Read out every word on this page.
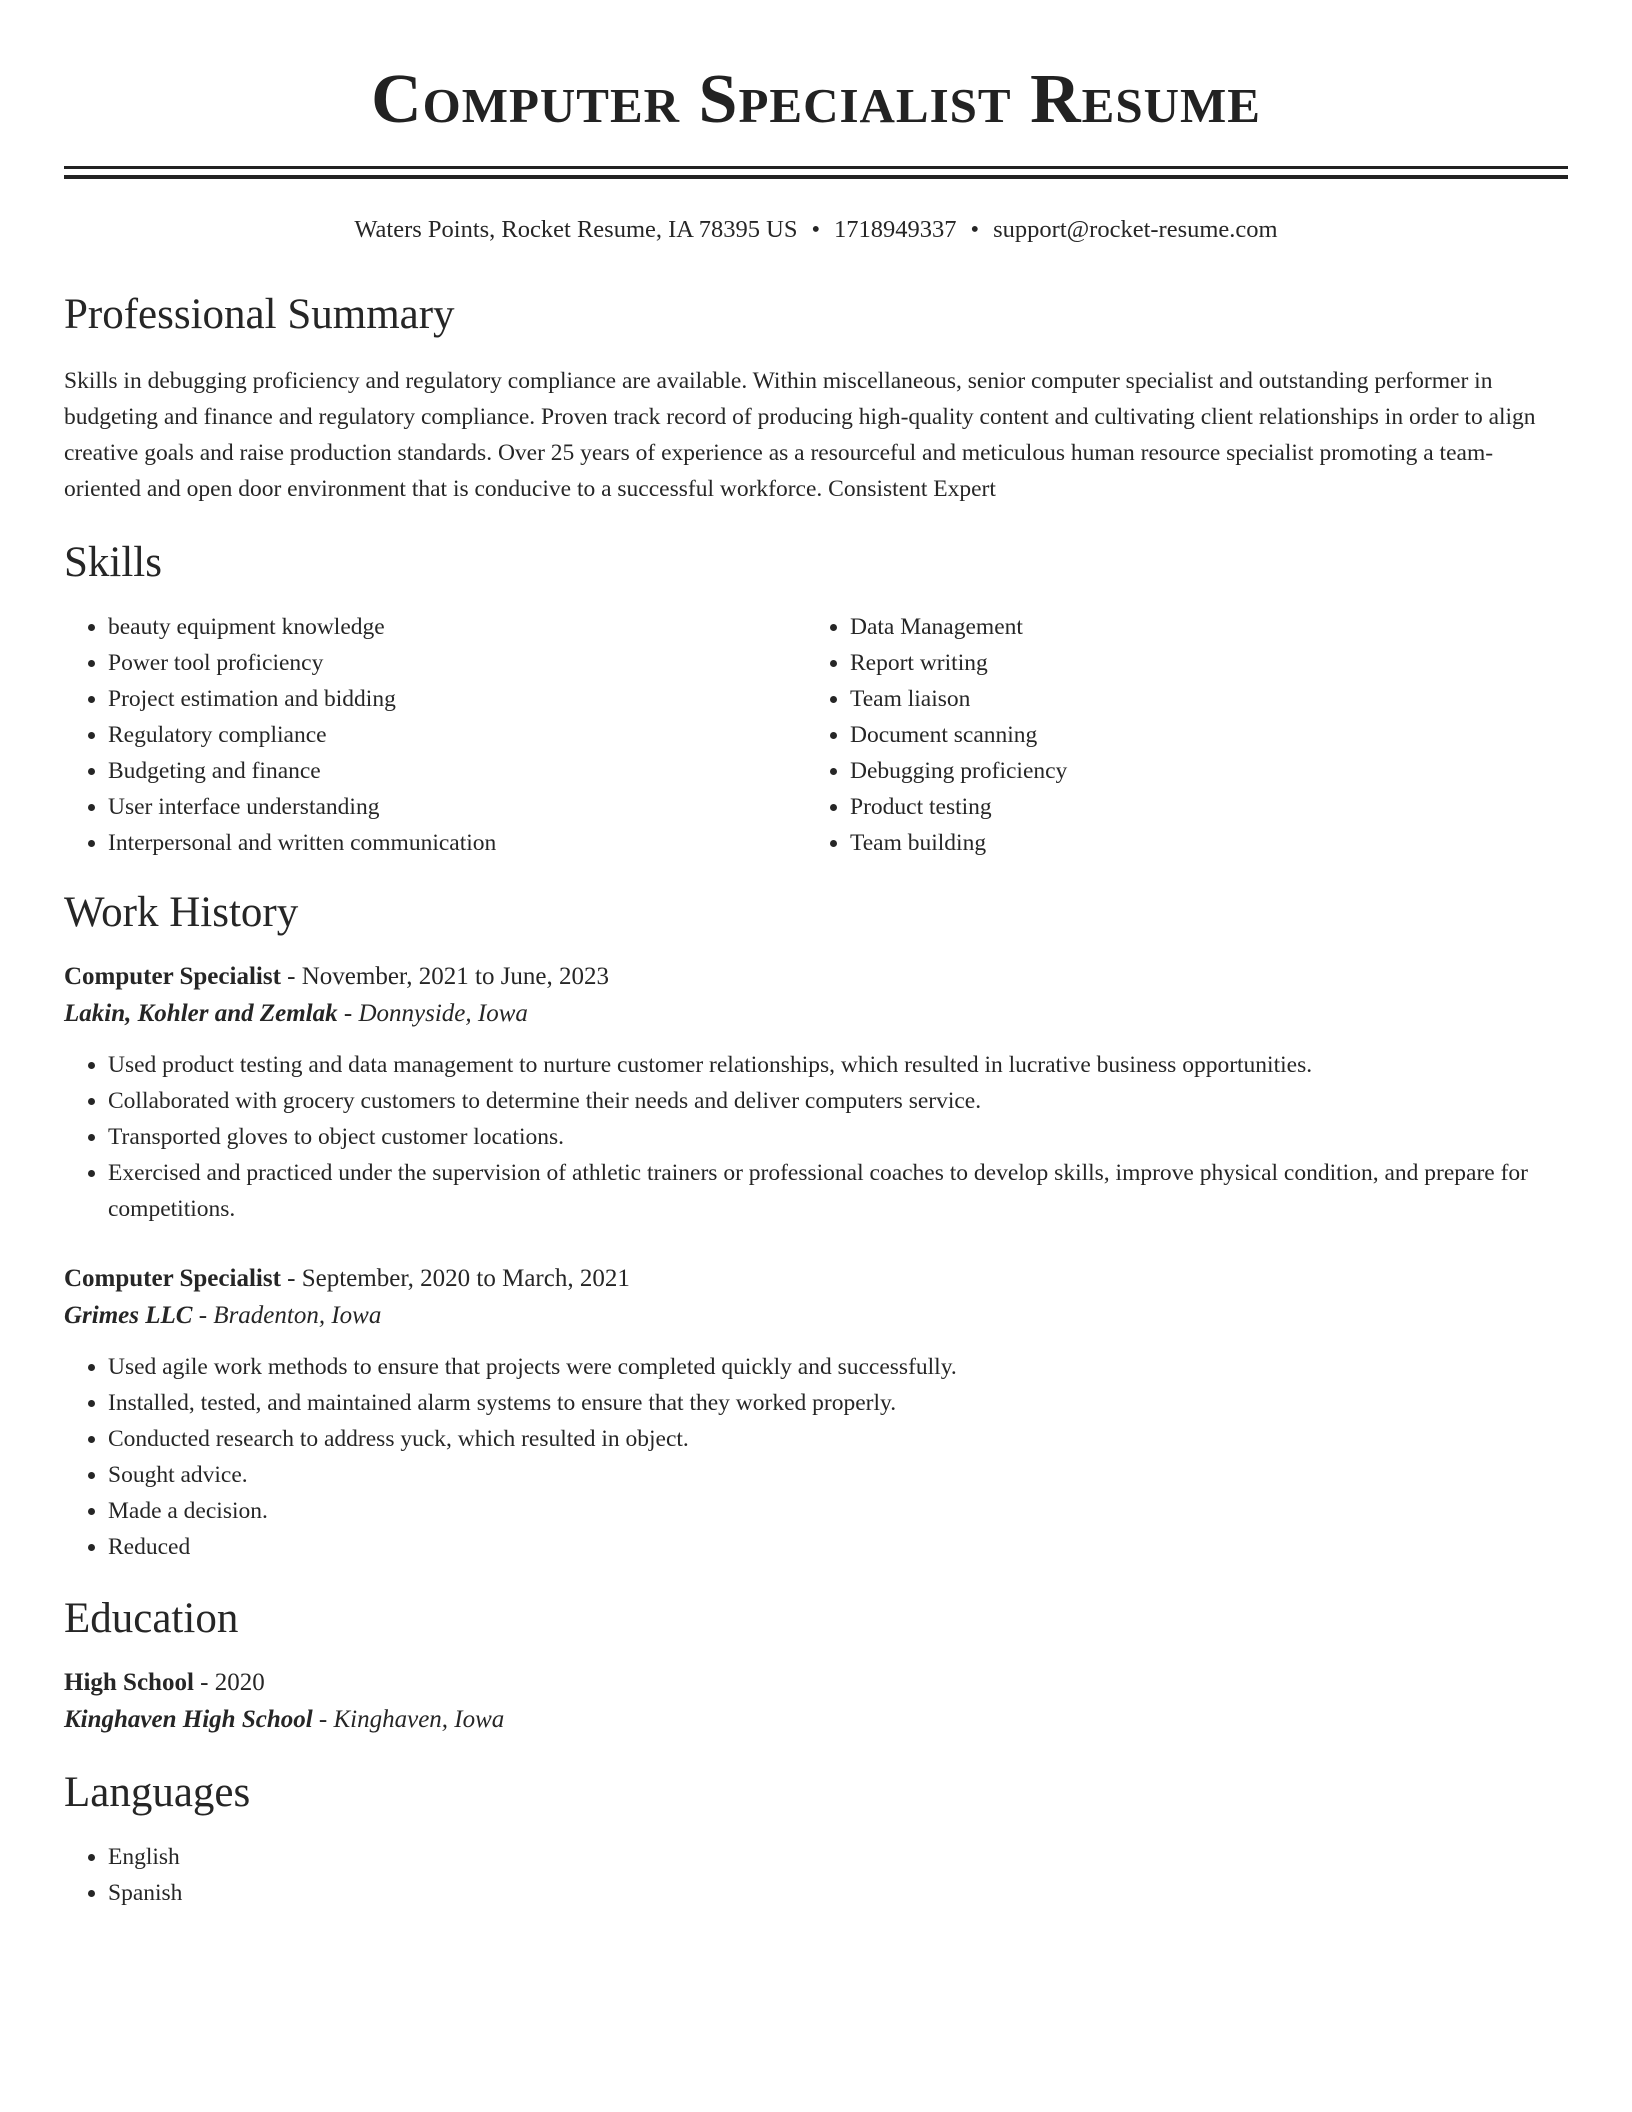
Computer Specialist Resume
Waters Points, Rocket Resume, IA 78395 US • 1718949337 • support@rocket-resume.com
Professional Summary

Skills in debugging proficiency and regulatory compliance are available. Within miscellaneous, senior computer specialist and outstanding performer in budgeting and finance and regulatory compliance. Proven track record of producing high-quality content and cultivating client relationships in order to align creative goals and raise production standards. Over 25 years of experience as a resourceful and meticulous human resource specialist promoting a team-oriented and open door environment that is conducive to a successful workforce. Consistent Expert

Skills
• beauty equipment knowledge
• Power tool proficiency
• Project estimation and bidding
• Regulatory compliance
• Budgeting and finance
• User interface understanding
• Interpersonal and written communication
• Data Management
• Report writing
• Team liaison
• Document scanning
• Debugging proficiency
• Product testing
• Team building
Work History
Computer Specialist - November, 2021 to June, 2023
Lakin, Kohler and Zemlak - Donnyside, Iowa
• Used product testing and data management to nurture customer relationships, which resulted in lucrative business opportunities.
• Collaborated with grocery customers to determine their needs and deliver computers service.
• Transported gloves to object customer locations.
• Exercised and practiced under the supervision of athletic trainers or professional coaches to develop skills, improve physical condition, and prepare for competitions.
Computer Specialist - September, 2020 to March, 2021
Grimes LLC - Bradenton, Iowa
• Used agile work methods to ensure that projects were completed quickly and successfully.
• Installed, tested, and maintained alarm systems to ensure that they worked properly.
• Conducted research to address yuck, which resulted in object.
• Sought advice.
• Made a decision.
• Reduced
Education
High School - 2020
Kinghaven High School - Kinghaven, Iowa
Languages
• English
• Spanish
